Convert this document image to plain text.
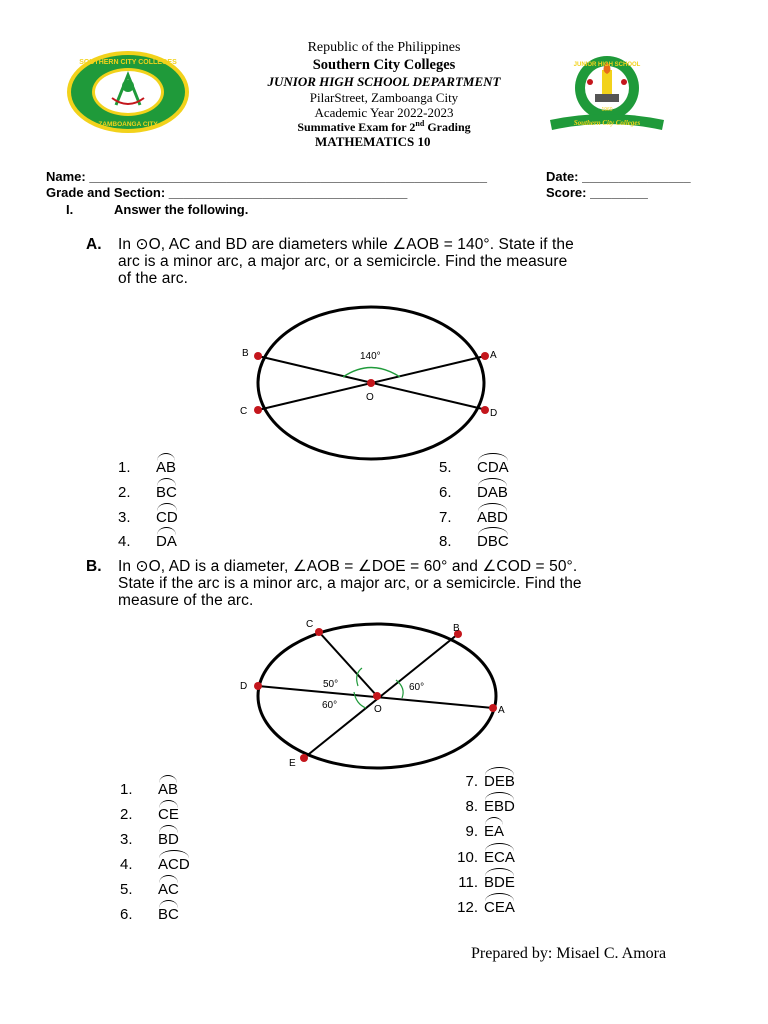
SOUTHERN CITY COLLEGES
ZAMBOANGA CITY
JUNIOR HIGH SCHOOL
1960
Southern City Colleges
Republic of the Philippines
Southern City Colleges
JUNIOR HIGH SCHOOL DEPARTMENT
PilarStreet, Zamboanga City
Academic Year 2022-2023
Summative Exam for 2nd Grading
MATHEMATICS 10
Name: _______________________________________________________	Date: _______________
Grade and Section: _________________________________	Score: ________
I.	Answer the following.
A. In ⊙O, AC and BD are diameters while ∠AOB = 140°. State if the
arc is a minor arc, a major arc, or a semicircle. Find the measure
of the arc.
140°
B	A
C	D
O
1.	AB
2.	BC
3.	CD
4.	DA
5.	CDA
6.	DAB
7.	ABD
8.	DBC
B. In ⊙O, AD is a diameter, ∠AOB = ∠DOE = 60° and ∠COD = 50°.
State if the arc is a minor arc, a major arc, or a semicircle. Find the
measure of the arc.
50°	60°
60°
C	B
D
A
E
O
1.	AB
2.	CE
3.	BD
4.	ACD
5.	AC
6.	BC
7. DEB
8. EBD
9. EA
10. ECA
11. BDE
12. CEA
Prepared by: Misael C. Amora
